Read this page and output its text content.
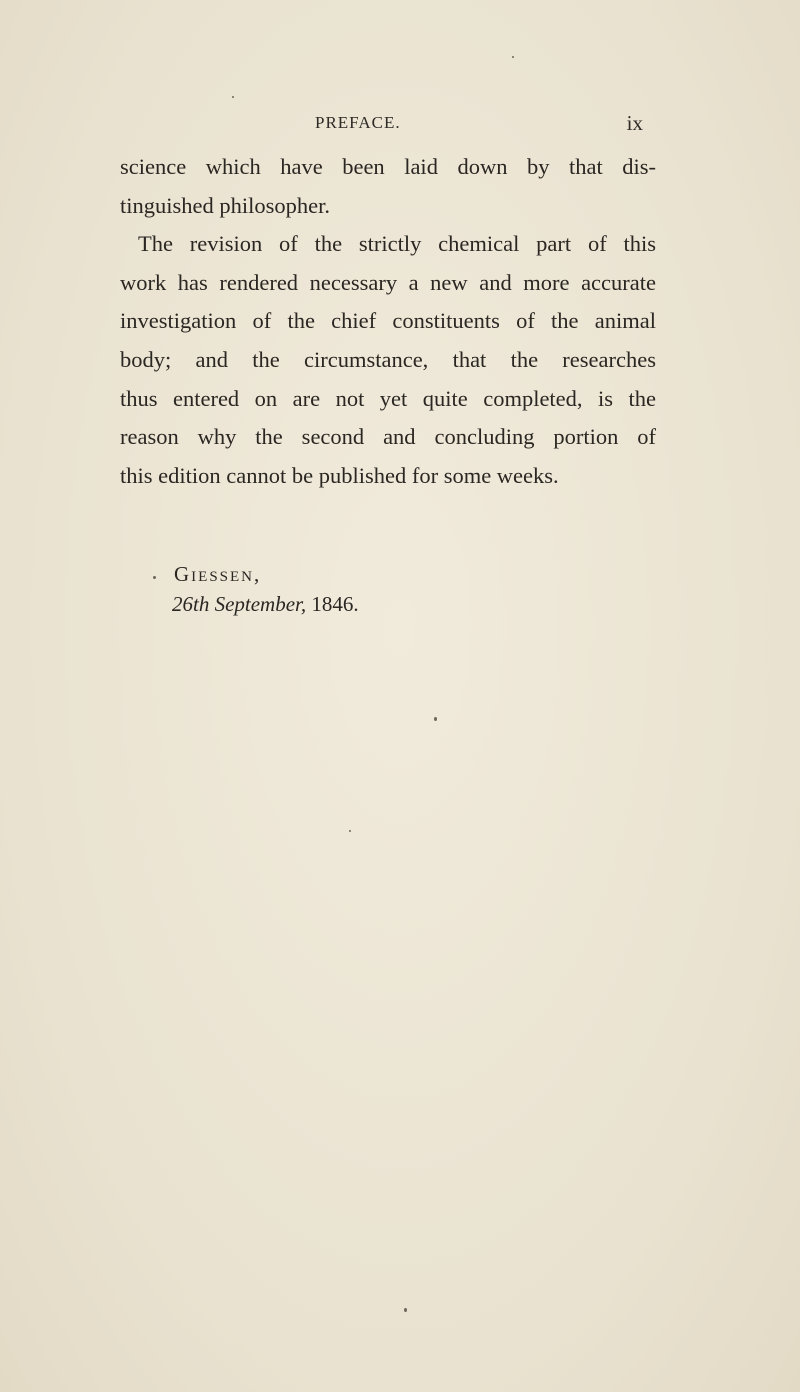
PREFACE.	ix
science which have been laid down by that dis-
tinguished philosopher.
The revision of the strictly chemical part of this
work has rendered necessary a new and more accurate
investigation of the chief constituents of the animal
body; and the circumstance, that the researches
thus entered on are not yet quite completed, is the
reason why the second and concluding portion of
this edition cannot be published for some weeks.
Giessen,
26th September, 1846.
